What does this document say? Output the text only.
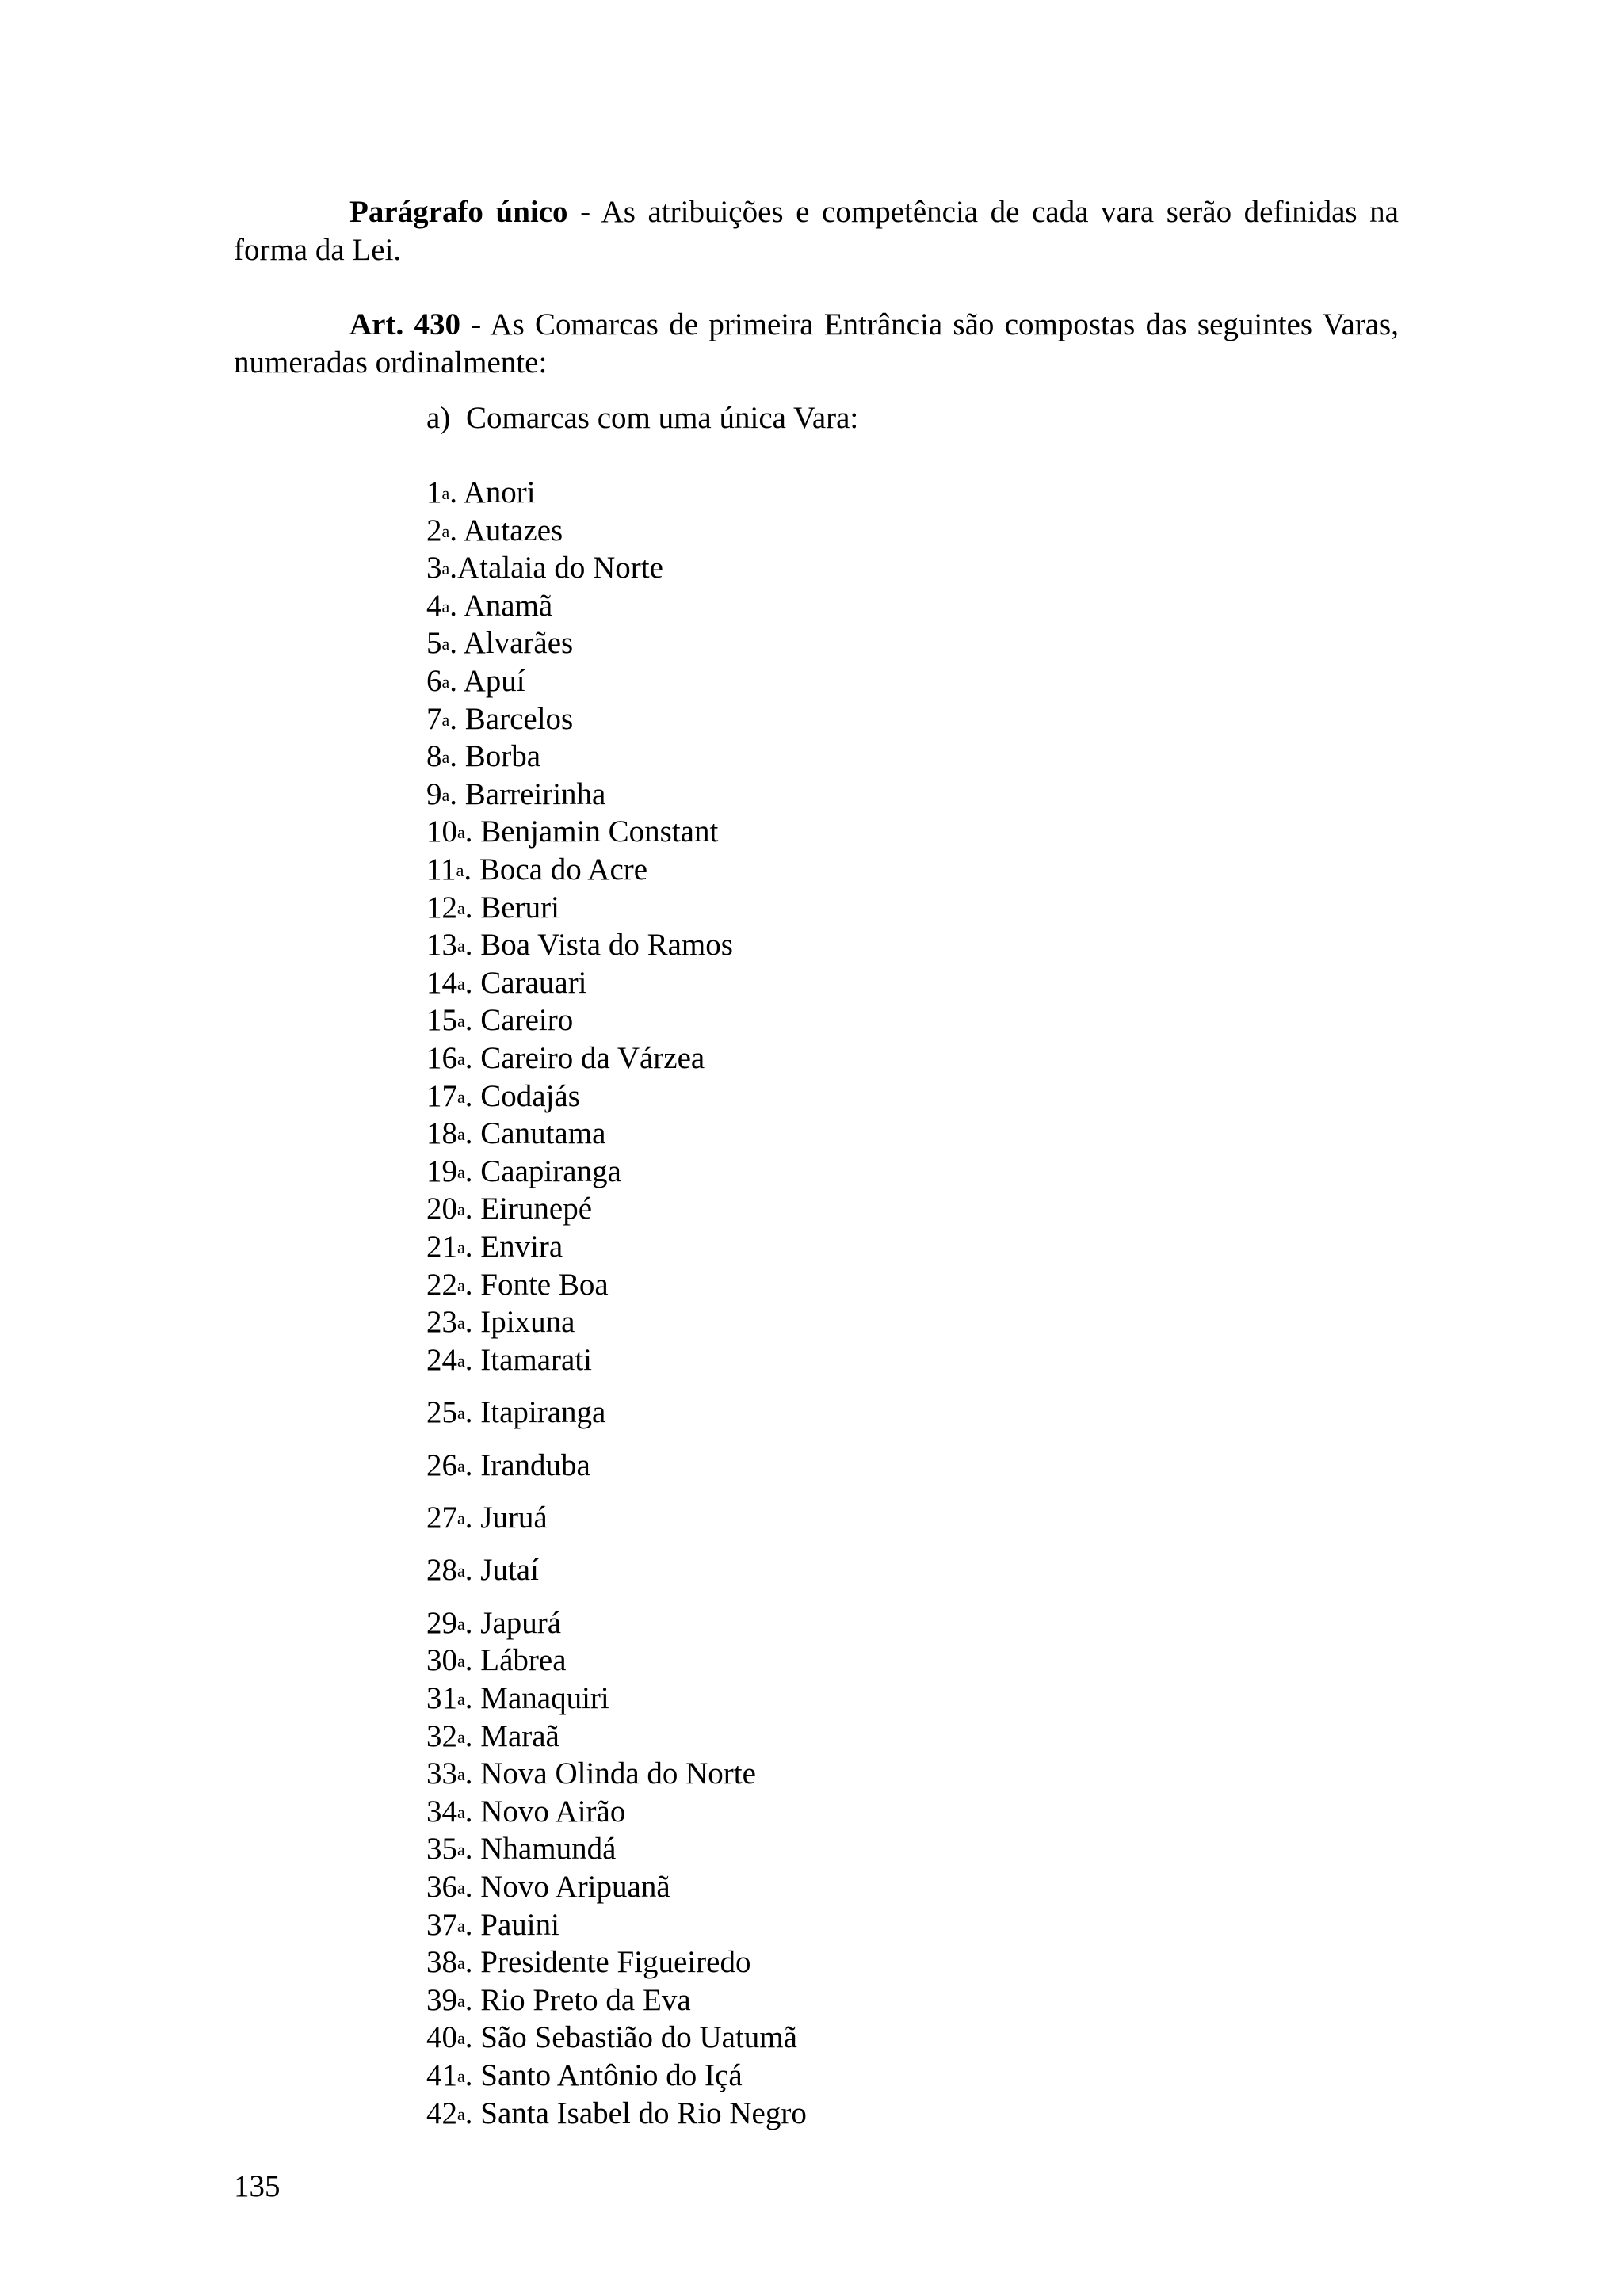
Parágrafo único - As atribuições e competência de cada vara serão definidas na forma da Lei.

Art. 430 - As Comarcas de primeira Entrância são compostas das seguintes Varas, numeradas ordinalmente:

a) Comarcas com uma única Vara:
1$^a$. Anori
2$^a$. Autazes
3$^a$.Atalaia do Norte
4$^a$. Anamã
5$^a$. Alvarães
6$^a$. Apuí
7$^a$. Barcelos
8$^a$. Borba
9$^a$. Barreirinha
10$^a$. Benjamin Constant
11$^a$. Boca do Acre
12$^a$. Beruri
13$^a$. Boa Vista do Ramos
14$^a$. Carauari
15$^a$. Careiro
16$^a$. Careiro da Várzea
17$^a$. Codajás
18$^a$. Canutama
19$^a$. Caapiranga
20$^a$. Eirunepé
21$^a$. Envira
22$^a$. Fonte Boa
23$^a$. Ipixuna
24$^a$. Itamarati
25$^a$. Itapiranga
26$^a$. Iranduba
27$^a$. Juruá
28$^a$. Jutaí
29$^a$. Japurá
30$^a$. Lábrea
31$^a$. Manaquiri
32$^a$. Maraã
33$^a$. Nova Olinda do Norte
34$^a$. Novo Airão
35$^a$. Nhamundá
36$^a$. Novo Aripuanã
37$^a$. Pauini
38$^a$. Presidente Figueiredo
39$^a$. Rio Preto da Eva
40$^a$. São Sebastião do Uatumã
41$^a$. Santo Antônio do Içá
42$^a$. Santa Isabel do Rio Negro
135
